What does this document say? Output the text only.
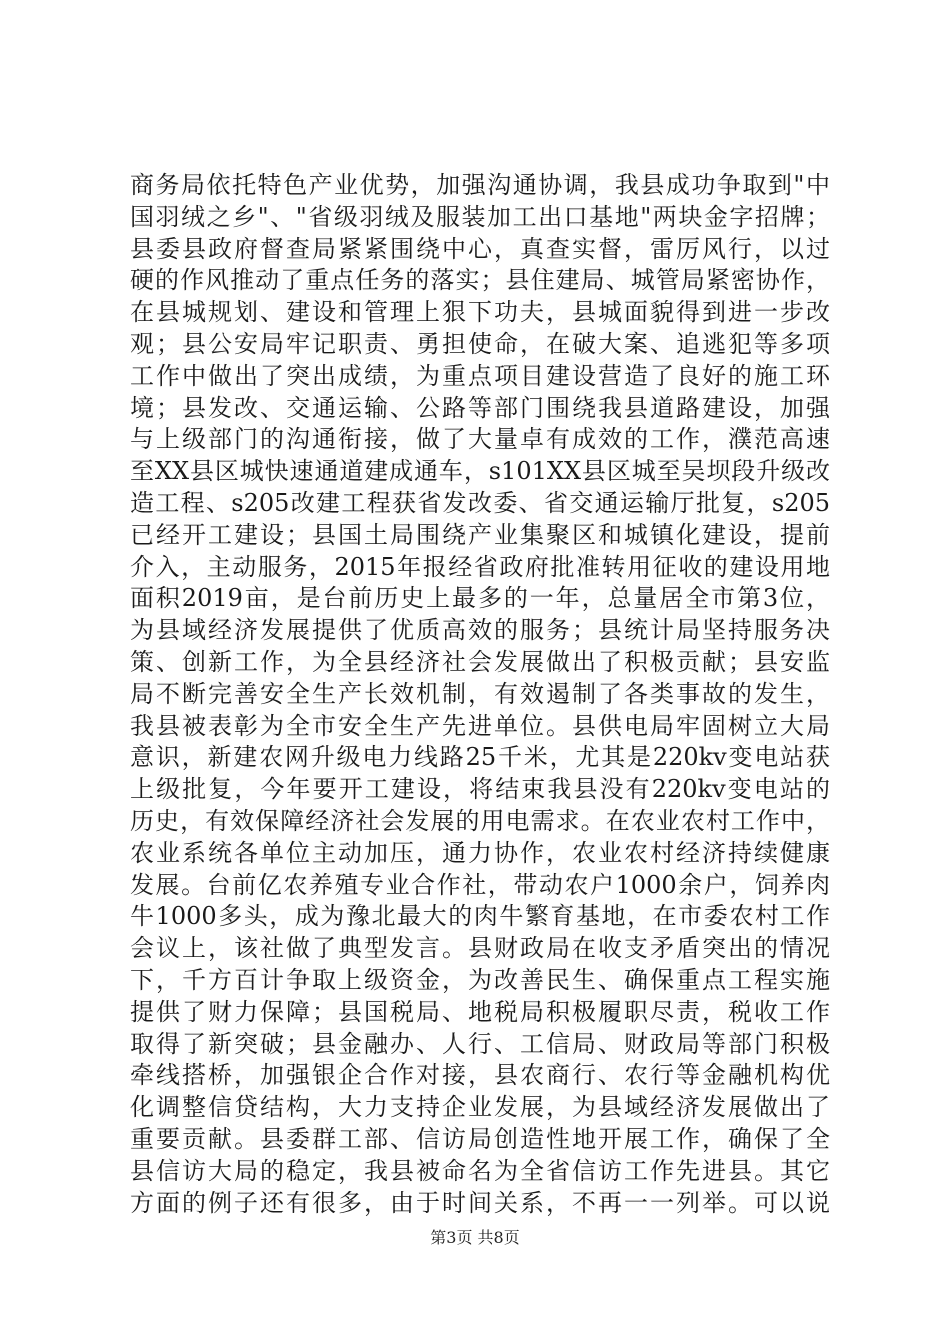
商务局依托特色产业优势，加强沟通协调，我县成功争取到"中
国羽绒之乡"、"省级羽绒及服装加工出口基地"两块金字招牌；
县委县政府督查局紧紧围绕中心，真查实督，雷厉风行，以过
硬的作风推动了重点任务的落实；县住建局、城管局紧密协作，
在县城规划、建设和管理上狠下功夫，县城面貌得到进一步改
观；县公安局牢记职责、勇担使命，在破大案、追逃犯等多项
工作中做出了突出成绩，为重点项目建设营造了良好的施工环
境；县发改、交通运输、公路等部门围绕我县道路建设，加强
与上级部门的沟通衔接，做了大量卓有成效的工作，濮范高速
至XX县区城快速通道建成通车，s101XX县区城至吴坝段升级改
造工程、s205改建工程获省发改委、省交通运输厅批复，s205
已经开工建设；县国土局围绕产业集聚区和城镇化建设，提前
介入，主动服务，2015年报经省政府批准转用征收的建设用地
面积2019亩，是台前历史上最多的一年，总量居全市第3位，
为县域经济发展提供了优质高效的服务；县统计局坚持服务决
策、创新工作，为全县经济社会发展做出了积极贡献；县安监
局不断完善安全生产长效机制，有效遏制了各类事故的发生，
我县被表彰为全市安全生产先进单位。县供电局牢固树立大局
意识，新建农网升级电力线路25千米，尤其是220kv变电站获
上级批复，今年要开工建设，将结束我县没有220kv变电站的
历史，有效保障经济社会发展的用电需求。在农业农村工作中，
农业系统各单位主动加压，通力协作，农业农村经济持续健康
发展。台前亿农养殖专业合作社，带动农户1000余户，饲养肉
牛1000多头，成为豫北最大的肉牛繁育基地，在市委农村工作
会议上，该社做了典型发言。县财政局在收支矛盾突出的情况
下，千方百计争取上级资金，为改善民生、确保重点工程实施
提供了财力保障；县国税局、地税局积极履职尽责，税收工作
取得了新突破；县金融办、人行、工信局、财政局等部门积极
牵线搭桥，加强银企合作对接，县农商行、农行等金融机构优
化调整信贷结构，大力支持企业发展，为县域经济发展做出了
重要贡献。县委群工部、信访局创造性地开展工作，确保了全
县信访大局的稳定，我县被命名为全省信访工作先进县。其它
方面的例子还有很多，由于时间关系，不再一一列举。可以说
第3页 共8页
